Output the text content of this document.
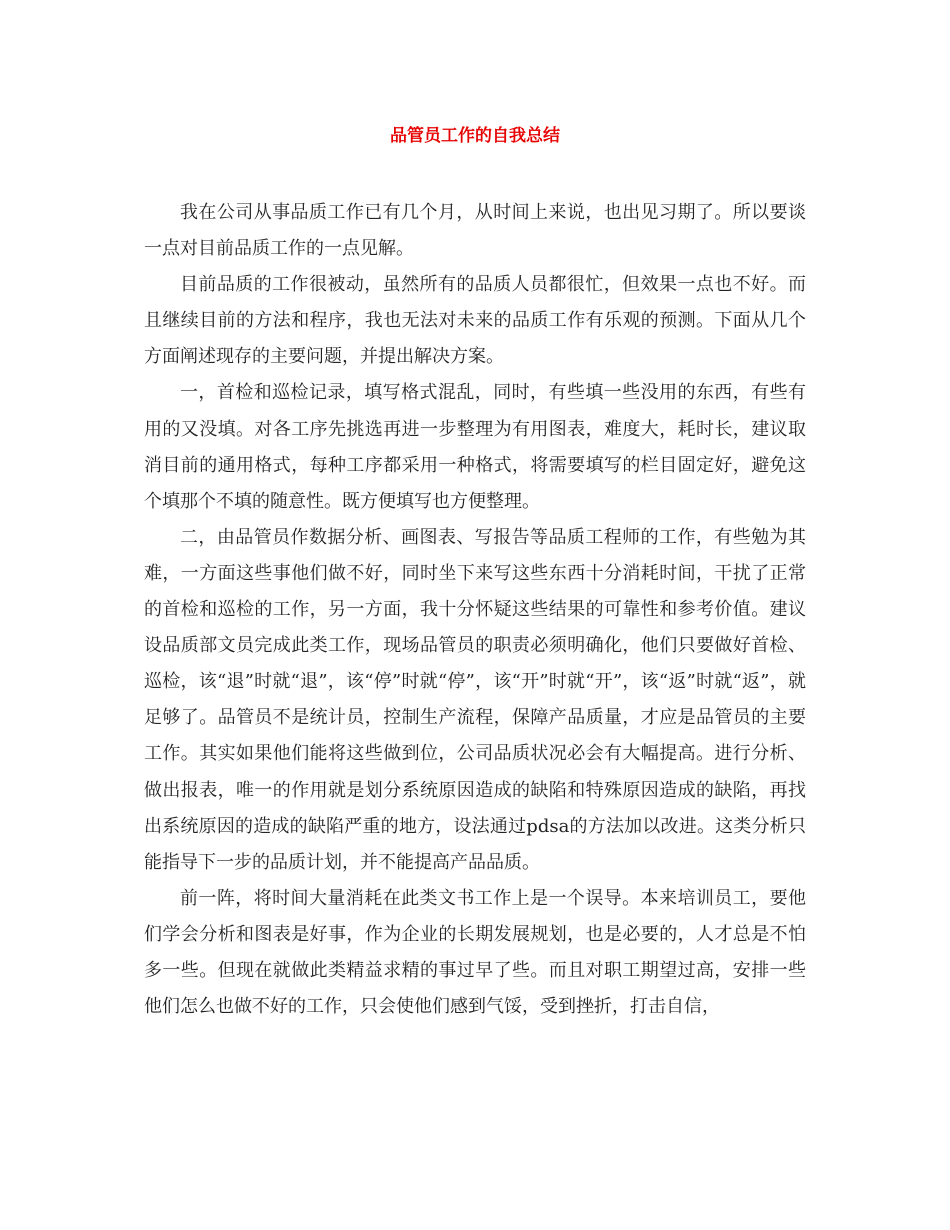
品管员工作的自我总结

我在公司从事品质工作已有几个月，从时间上来说，也出见习期了。所以要谈一点对目前品质工作的一点见解。

目前品质的工作很被动，虽然所有的品质人员都很忙，但效果一点也不好。而且继续目前的方法和程序，我也无法对未来的品质工作有乐观的预测。下面从几个方面阐述现存的主要问题，并提出解决方案。

一，首检和巡检记录，填写格式混乱，同时，有些填一些没用的东西，有些有用的又没填。对各工序先挑选再进一步整理为有用图表，难度大，耗时长，建议取消目前的通用格式，每种工序都采用一种格式，将需要填写的栏目固定好，避免这个填那个不填的随意性。既方便填写也方便整理。

二，由品管员作数据分析、画图表、写报告等品质工程师的工作，有些勉为其难，一方面这些事他们做不好，同时坐下来写这些东西十分消耗时间，干扰了正常的首检和巡检的工作，另一方面，我十分怀疑这些结果的可靠性和参考价值。建议设品质部文员完成此类工作，现场品管员的职责必须明确化，他们只要做好首检、巡检，该“退”时就“退”，该“停”时就“停”，该“开”时就“开”，该“返”时就“返”，就足够了。品管员不是统计员，控制生产流程，保障产品质量，才应是品管员的主要工作。其实如果他们能将这些做到位，公司品质状况必会有大幅提高。进行分析、做出报表，唯一的作用就是划分系统原因造成的缺陷和特殊原因造成的缺陷，再找出系统原因的造成的缺陷严重的地方，设法通过pdsa的方法加以改进。这类分析只能指导下一步的品质计划，并不能提高产品品质。

前一阵，将时间大量消耗在此类文书工作上是一个误导。本来培训员工，要他们学会分析和图表是好事，作为企业的长期发展规划，也是必要的，人才总是不怕多一些。但现在就做此类精益求精的事过早了些。而且对职工期望过高，安排一些他们怎么也做不好的工作，只会使他们感到气馁，受到挫折，打击自信，
